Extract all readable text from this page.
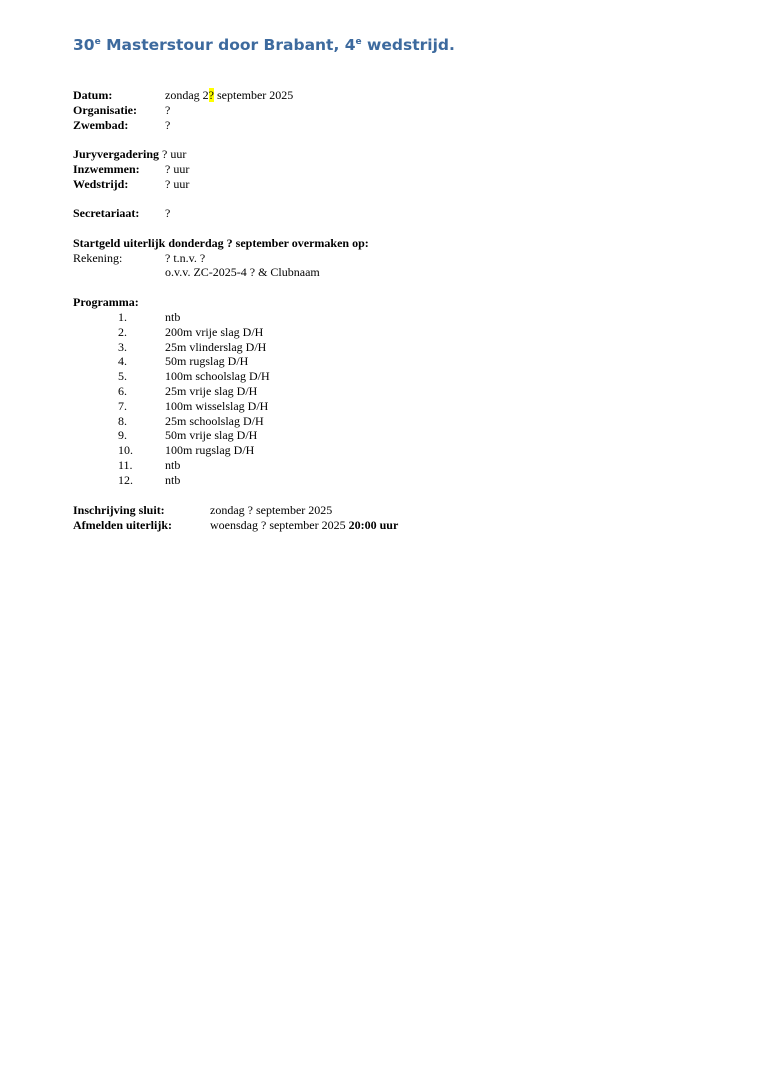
30e Masterstour door Brabant, 4e wedstrijd.
Datum:	zondag 2? september 2025
Organisatie: ?
Zwembad:	?
Juryvergadering ? uur
Inzwemmen: ? uur
Wedstrijd:	? uur
Secretariaat: ?
Startgeld uiterlijk donderdag ? september overmaken op:
Rekening:	? t.n.v. ?
o.v.v. ZC-2025-4 ? & Clubnaam
Programma:
1.	ntb
2.	200m vrije slag D/H
3.	25m vlinderslag D/H
4.	50m rugslag D/H
5.	100m schoolslag D/H
6.	25m vrije slag D/H
7.	100m wisselslag D/H
8.	25m schoolslag D/H
9.	50m vrije slag D/H
10.	100m rugslag D/H
11.	ntb
12.	ntb
Inschrijving sluit:	zondag ? september 2025
Afmelden uiterlijk:	woensdag ? september 2025 20:00 uur
